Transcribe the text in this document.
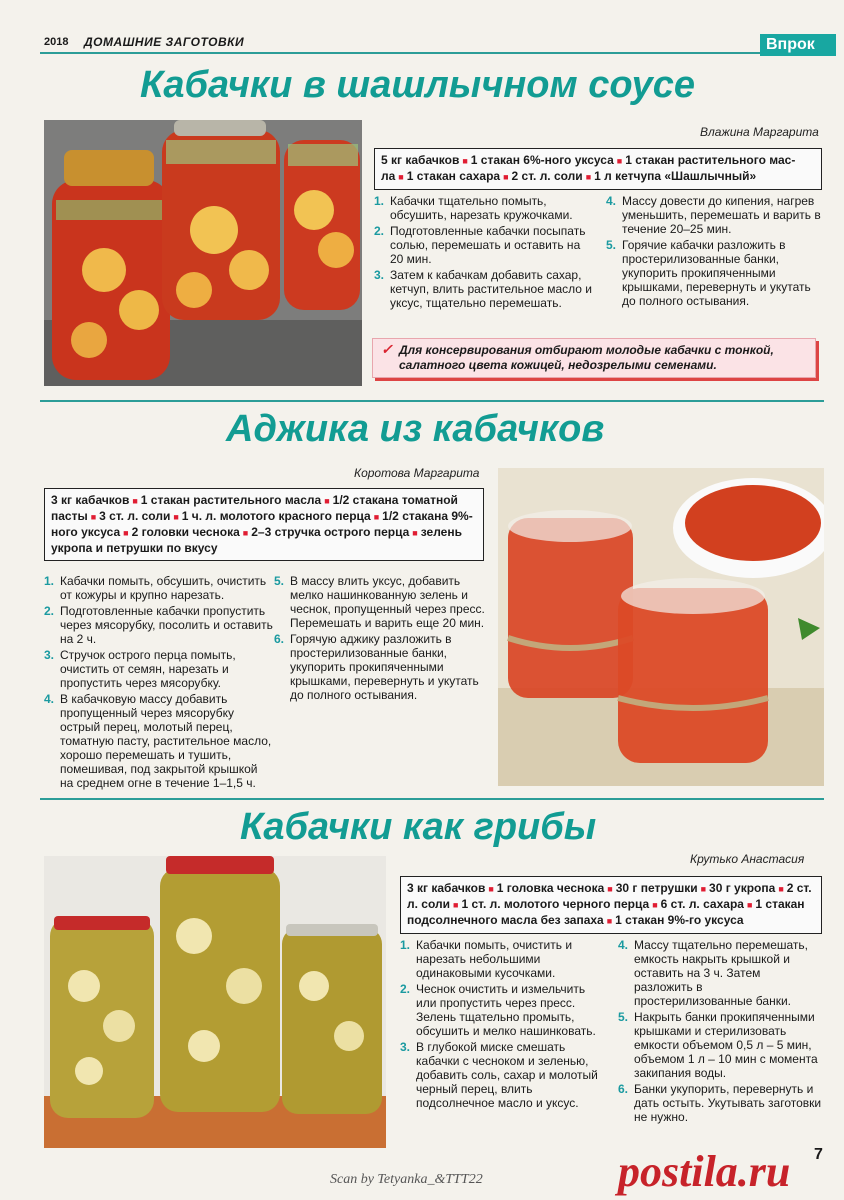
2018 ДОМАШНИЕ ЗАГОТОВКИ	Впрок
Кабачки в шашлычном соусе
Влажина Маргарита
5 кг кабачков ■ 1 стакан 6%-ного уксуса ■ 1 стакан растительного мас-ла ■ 1 стакан сахара ■ 2 ст. л. соли ■ 1 л кетчупа «Шашлычный»
1. Кабачки тщательно помыть, обсушить, нарезать кружочками.
2. Подготовленные кабачки посыпать солью, перемешать и оставить на 20 мин.
3. Затем к кабачкам добавить сахар, кетчуп, влить растительное масло и уксус, тщательно перемешать.
4. Массу довести до кипения, нагрев уменьшить, перемешать и варить в течение 20–25 мин.
5. Горячие кабачки разложить в простерилизованные банки, укупорить прокипяченными крышками, перевернуть и укутать до полного остывания.
✓ Для консервирования отбирают молодые кабачки с тонкой, салатного цвета кожицей, недозрелыми семенами.
Аджика из кабачков
Коротова Маргарита
3 кг кабачков ■ 1 стакан растительного масла ■ 1/2 стакана томатной пасты ■ 3 ст. л. соли ■ 1 ч. л. молотого красного перца ■ 1/2 стакана 9%-ного уксуса ■ 2 головки чеснока ■ 2–3 стручка острого перца ■ зелень укропа и петрушки по вкусу
1. Кабачки помыть, обсушить, очистить от кожуры и крупно нарезать.
2. Подготовленные кабачки пропустить через мясорубку, посолить и оставить на 2 ч.
3. Стручок острого перца помыть, очистить от семян, нарезать и пропустить через мясорубку.
4. В кабачковую массу добавить пропущенный через мясорубку острый перец, молотый перец, томатную пасту, растительное масло, хорошо перемешать и тушить, помешивая, под закрытой крышкой на среднем огне в течение 1–1,5 ч.
5. В массу влить уксус, добавить мелко нашинкованную зелень и чеснок, пропущенный через пресс. Перемешать и варить еще 20 мин.
6. Горячую аджику разложить в простерилизованные банки, укупорить прокипяченными крышками, перевернуть и укутать до полного остывания.
Кабачки как грибы
Крутько Анастасия
3 кг кабачков ■ 1 головка чеснока ■ 30 г петрушки ■ 30 г укропа ■ 2 ст. л. соли ■ 1 ст. л. молотого черного перца ■ 6 ст. л. сахара ■ 1 стакан подсолнечного масла без запаха ■ 1 стакан 9%-го уксуса
1. Кабачки помыть, очистить и нарезать небольшими одинаковыми кусочками.
2. Чеснок очистить и измельчить или пропустить через пресс. Зелень тщательно промыть, обсушить и мелко нашинковать.
3. В глубокой миске смешать кабачки с чесноком и зеленью, добавить соль, сахар и молотый черный перец, влить подсолнечное масло и уксус.
4. Массу тщательно перемешать, емкость накрыть крышкой и оставить на 3 ч. Затем разложить в простерилизованные банки.
5. Накрыть банки прокипяченными крышками и стерилизовать емкости объемом 0,5 л – 5 мин, объемом 1 л – 10 мин с момента закипания воды.
6. Банки укупорить, перевернуть и дать остыть. Укутывать заготовки не нужно.
Scan by Tetyanka_&TTT22	postila.ru 7
